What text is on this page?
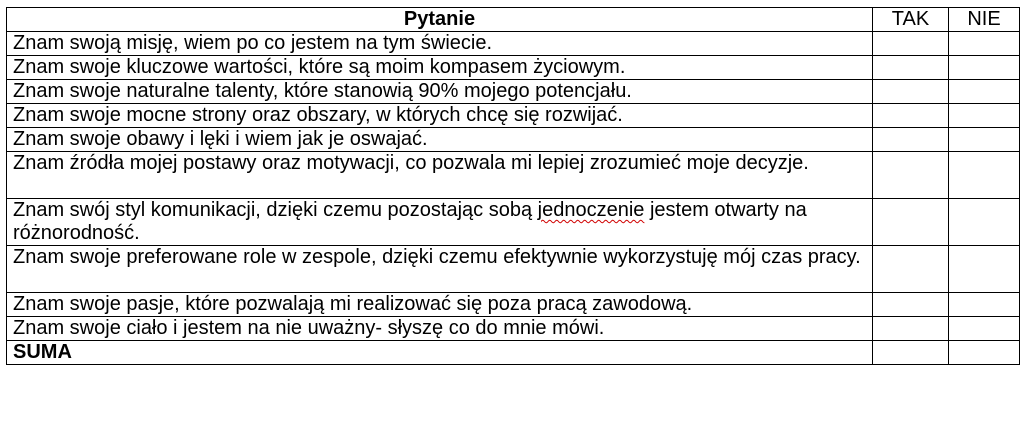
Pytanie	TAK	NIE
Znam swoją misję, wiem po co jestem na tym świecie.		
Znam swoje kluczowe wartości, które są moim kompasem życiowym.		
Znam swoje naturalne talenty, które stanowią 90% mojego potencjału.		
Znam swoje mocne strony oraz obszary, w których chcę się rozwijać.		
Znam swoje obawy i lęki i wiem jak je oswajać.		
Znam źródła mojej postawy oraz motywacji, co pozwala mi lepiej zrozumieć moje decyzje.		
Znam swój styl komunikacji, dzięki czemu pozostając sobą jednoczenie jestem otwarty na różnorodność.		
Znam swoje preferowane role w zespole, dzięki czemu efektywnie wykorzystuję mój czas pracy.		
Znam swoje pasje, które pozwalają mi realizować się poza pracą zawodową.		
Znam swoje ciało i jestem na nie uważny- słyszę co do mnie mówi.		
SUMA		
